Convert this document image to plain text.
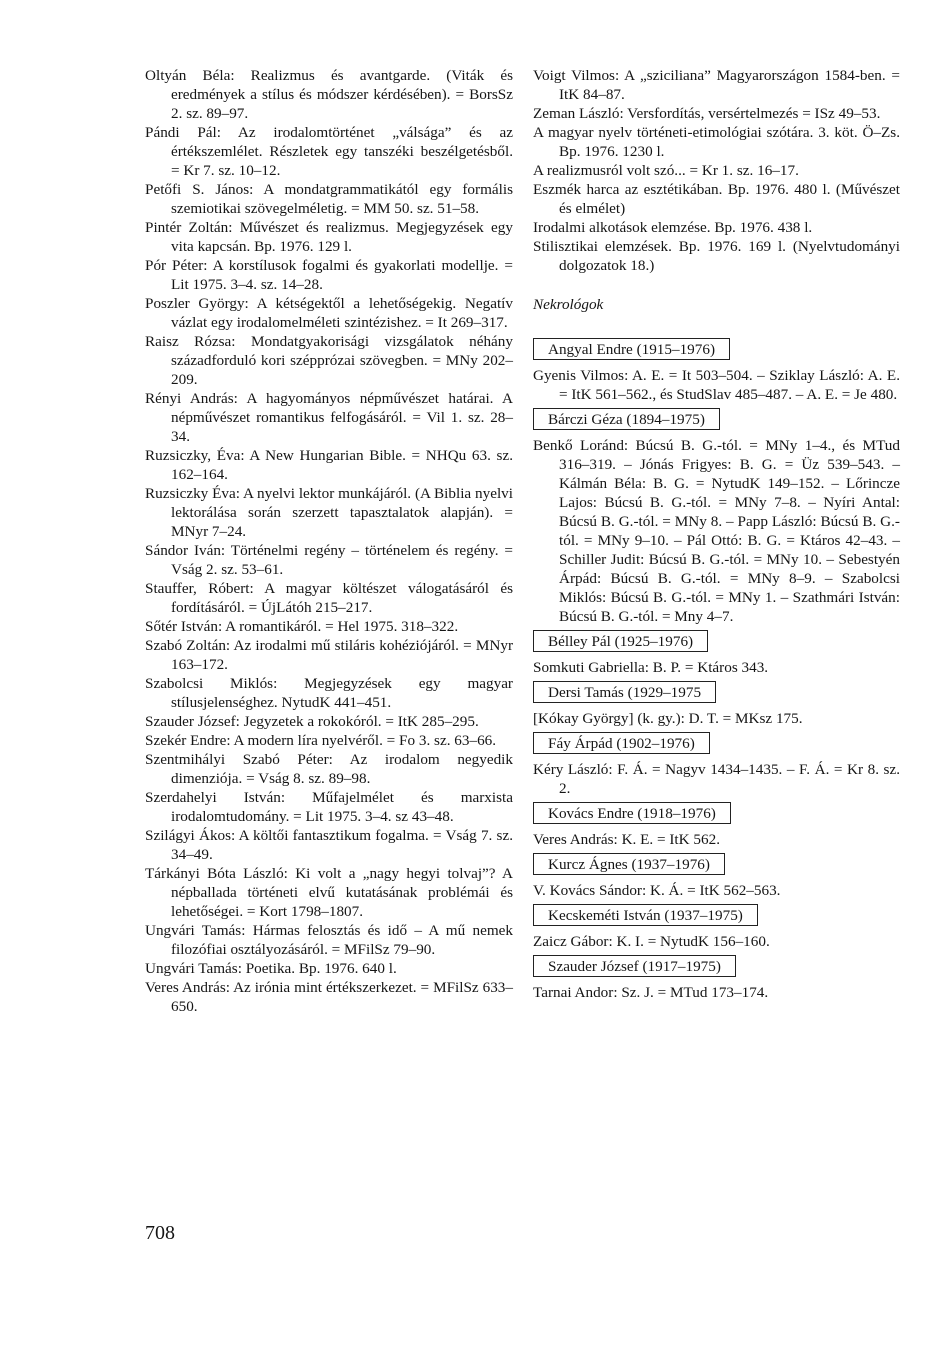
Oltyán Béla: Realizmus és avantgarde. (Viták és eredmények a stílus és módszer kérdésében). = BorsSz 2. sz. 89–97.

Pándi Pál: Az irodalomtörténet „válsága” és az értékszemlélet. Részletek egy tanszéki beszélgetésből. = Kr 7. sz. 10–12.

Petőfi S. János: A mondatgrammatikától egy formális szemiotikai szövegelméletig. = MM 50. sz. 51–58.

Pintér Zoltán: Művészet és realizmus. Megjegyzések egy vita kapcsán. Bp. 1976. 129 l.

Pór Péter: A korstílusok fogalmi és gyakorlati modellje. = Lit 1975. 3–4. sz. 14–28.

Poszler György: A kétségektől a lehetőségekig. Negatív vázlat egy irodalomelméleti szintézishez. = It 269–317.

Raisz Rózsa: Mondatgyakorisági vizsgálatok néhány századforduló kori szépprózai szövegben. = MNy 202–209.

Rényi András: A hagyományos népművészet határai. A népművészet romantikus felfogásáról. = Vil 1. sz. 28–34.

Ruzsiczky, Éva: A New Hungarian Bible. = NHQu 63. sz. 162–164.

Ruzsiczky Éva: A nyelvi lektor munkájáról. (A Biblia nyelvi lektorálása során szerzett tapasztalatok alapján). = MNyr 7–24.

Sándor Iván: Történelmi regény – történelem és regény. = Vság 2. sz. 53–61.

Stauffer, Róbert: A magyar költészet válogatásáról és fordításáról. = ÚjLátóh 215–217.

Sőtér István: A romantikáról. = Hel 1975. 318–322.

Szabó Zoltán: Az irodalmi mű stiláris kohéziójáról. = MNyr 163–172.

Szabolcsi Miklós: Megjegyzések egy magyar stílusjelenséghez. NytudK 441–451.

Szauder József: Jegyzetek a rokokóról. = ItK 285–295.

Szekér Endre: A modern líra nyelvéről. = Fo 3. sz. 63–66.

Szentmihályi Szabó Péter: Az irodalom negyedik dimenziója. = Vság 8. sz. 89–98.

Szerdahelyi István: Műfajelmélet és marxista irodalomtudomány. = Lit 1975. 3–4. sz 43–48.

Szilágyi Ákos: A költői fantasztikum fogalma. = Vság 7. sz. 34–49.

Tárkányi Bóta László: Ki volt a „nagy hegyi tolvaj”? A népballada történeti elvű kutatásának problémái és lehetőségei. = Kort 1798–1807.

Ungvári Tamás: Hármas felosztás és idő – A mű nemek filozófiai osztályozásáról. = MFilSz 79–90.

Ungvári Tamás: Poetika. Bp. 1976. 640 l.

Veres András: Az irónia mint értékszerkezet. = MFilSz 633–650.

Voigt Vilmos: A „sziciliana” Magyarországon 1584-ben. = ItK 84–87.

Zeman László: Versfordítás, versértelmezés = ISz 49–53.

A magyar nyelv történeti-etimológiai szótára. 3. köt. Ö–Zs. Bp. 1976. 1230 l.

A realizmusról volt szó... = Kr 1. sz. 16–17.

Eszmék harca az esztétikában. Bp. 1976. 480 l. (Művészet és elmélet)

Irodalmi alkotások elemzése. Bp. 1976. 438 l.

Stilisztikai elemzések. Bp. 1976. 169 l. (Nyelvtudományi dolgozatok 18.)

Nekrológok
Angyal Endre (1915–1976)

Gyenis Vilmos: A. E. = It 503–504. – Sziklay László: A. E. = ItK 561–562., és StudSlav 485–487. – A. E. = Je 480.

Bárczi Géza (1894–1975)

Benkő Loránd: Búcsú B. G.-tól. = MNy 1–4., és MTud 316–319. – Jónás Frigyes: B. G. = Üz 539–543. – Kálmán Béla: B. G. = NytudK 149–152. – Lőrincze Lajos: Búcsú B. G.-tól. = MNy 7–8. – Nyíri Antal: Búcsú B. G.-tól. = MNy 8. – Papp László: Búcsú B. G.-tól. = MNy 9–10. – Pál Ottó: B. G. = Ktáros 42–43. – Schiller Judit: Búcsú B. G.-tól. = MNy 10. – Sebestyén Árpád: Búcsú B. G.-tól. = MNy 8–9. – Szabolcsi Miklós: Búcsú B. G.-tól. = MNy 1. – Szathmári István: Búcsú B. G.-tól. = Mny 4–7.

Bélley Pál (1925–1976)

Somkuti Gabriella: B. P. = Ktáros 343.

Dersi Tamás (1929–1975

[Kókay György] (k. gy.): D. T. = MKsz 175.

Fáy Árpád (1902–1976)

Kéry László: F. Á. = Nagyv 1434–1435. – F. Á. = Kr 8. sz. 2.

Kovács Endre (1918–1976)

Veres András: K. E. = ItK 562.

Kurcz Ágnes (1937–1976)

V. Kovács Sándor: K. Á. = ItK 562–563.

Kecskeméti István (1937–1975)

Zaicz Gábor: K. I. = NytudK 156–160.

Szauder József (1917–1975)

Tarnai Andor: Sz. J. = MTud 173–174.

708
